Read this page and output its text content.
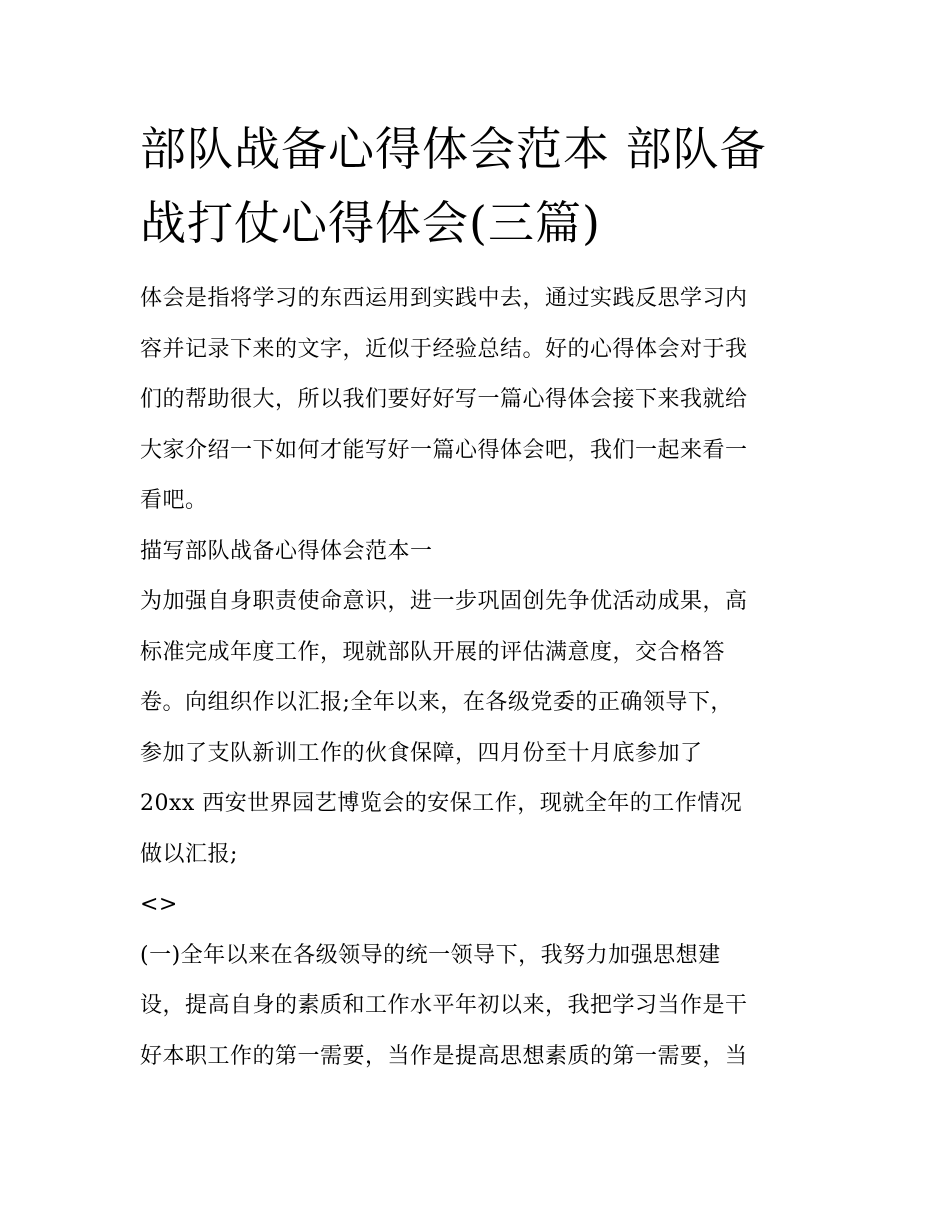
部队战备心得体会范本 部队备
战打仗心得体会(三篇)
体会是指将学习的东西运用到实践中去，通过实践反思学习内
容并记录下来的文字，近似于经验总结。好的心得体会对于我
们的帮助很大，所以我们要好好写一篇心得体会接下来我就给
大家介绍一下如何才能写好一篇心得体会吧，我们一起来看一
看吧。
描写部队战备心得体会范本一
为加强自身职责使命意识，进一步巩固创先争优活动成果，高
标准完成年度工作，现就部队开展的评估满意度，交合格答
卷。向组织作以汇报;全年以来，在各级党委的正确领导下，
参加了支队新训工作的伙食保障，四月份至十月底参加了
20xx 西安世界园艺博览会的安保工作，现就全年的工作情况
做以汇报;
<>
(一)全年以来在各级领导的统一领导下，我努力加强思想建
设，提高自身的素质和工作水平年初以来，我把学习当作是干
好本职工作的第一需要，当作是提高思想素质的第一需要，当
